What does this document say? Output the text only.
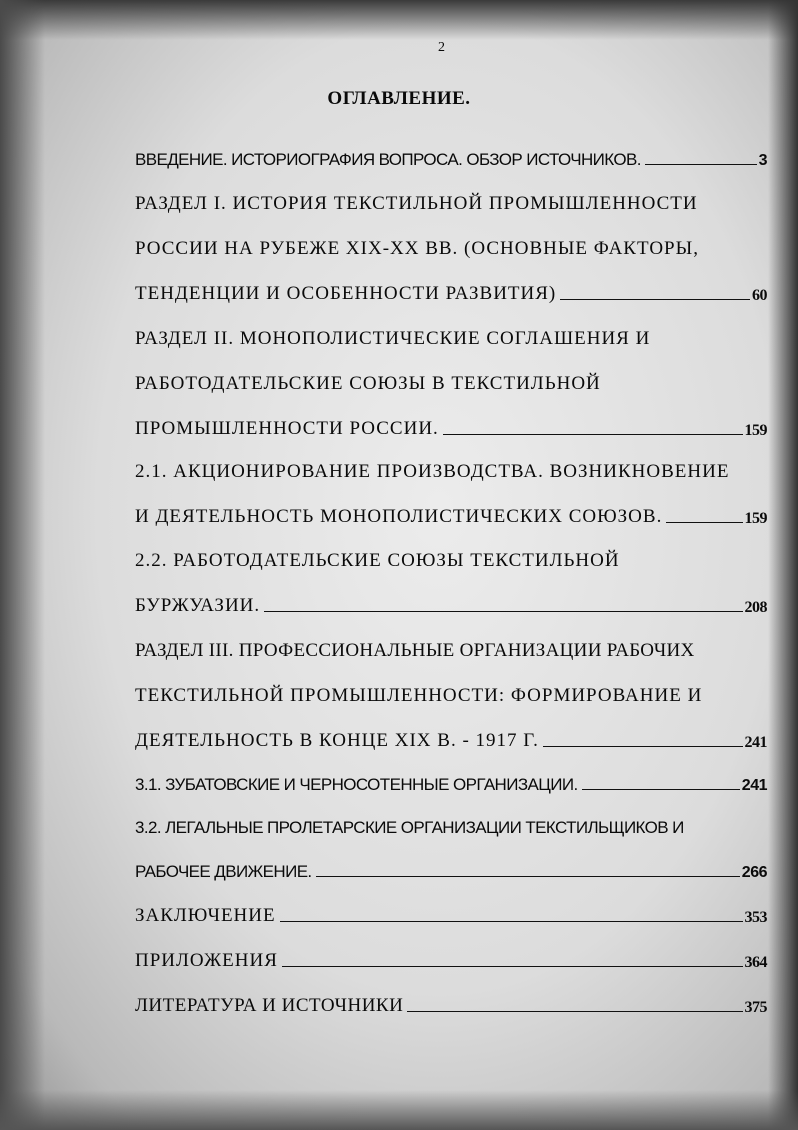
2
ОГЛАВЛЕНИЕ.
ВВЕДЕНИЕ. ИСТОРИОГРАФИЯ ВОПРОСА. ОБЗОР ИСТОЧНИКОВ.	3
РАЗДЕЛ I. ИСТОРИЯ ТЕКСТИЛЬНОЙ ПРОМЫШЛЕННОСТИ
РОССИИ НА РУБЕЖЕ XIX-XX ВВ. (ОСНОВНЫЕ ФАКТОРЫ,
ТЕНДЕНЦИИ И ОСОБЕННОСТИ РАЗВИТИЯ)	60
РАЗДЕЛ II. МОНОПОЛИСТИЧЕСКИЕ СОГЛАШЕНИЯ И
РАБОТОДАТЕЛЬСКИЕ СОЮЗЫ В ТЕКСТИЛЬНОЙ
ПРОМЫШЛЕННОСТИ РОССИИ.	159
2.1. АКЦИОНИРОВАНИЕ ПРОИЗВОДСТВА. ВОЗНИКНОВЕНИЕ
И ДЕЯТЕЛЬНОСТЬ МОНОПОЛИСТИЧЕСКИХ СОЮЗОВ.	159
2.2. РАБОТОДАТЕЛЬСКИЕ СОЮЗЫ ТЕКСТИЛЬНОЙ
БУРЖУАЗИИ.	208
РАЗДЕЛ III. ПРОФЕССИОНАЛЬНЫЕ ОРГАНИЗАЦИИ РАБОЧИХ
ТЕКСТИЛЬНОЙ ПРОМЫШЛЕННОСТИ: ФОРМИРОВАНИЕ И
ДЕЯТЕЛЬНОСТЬ В КОНЦЕ XIX В. - 1917 Г.	241
3.1. ЗУБАТОВСКИЕ И ЧЕРНОСОТЕННЫЕ ОРГАНИЗАЦИИ.	241
3.2. ЛЕГАЛЬНЫЕ ПРОЛЕТАРСКИЕ ОРГАНИЗАЦИИ ТЕКСТИЛЬЩИКОВ И
РАБОЧЕЕ ДВИЖЕНИЕ.	266
ЗАКЛЮЧЕНИЕ	353
ПРИЛОЖЕНИЯ	364
ЛИТЕРАТУРА И ИСТОЧНИКИ	375
